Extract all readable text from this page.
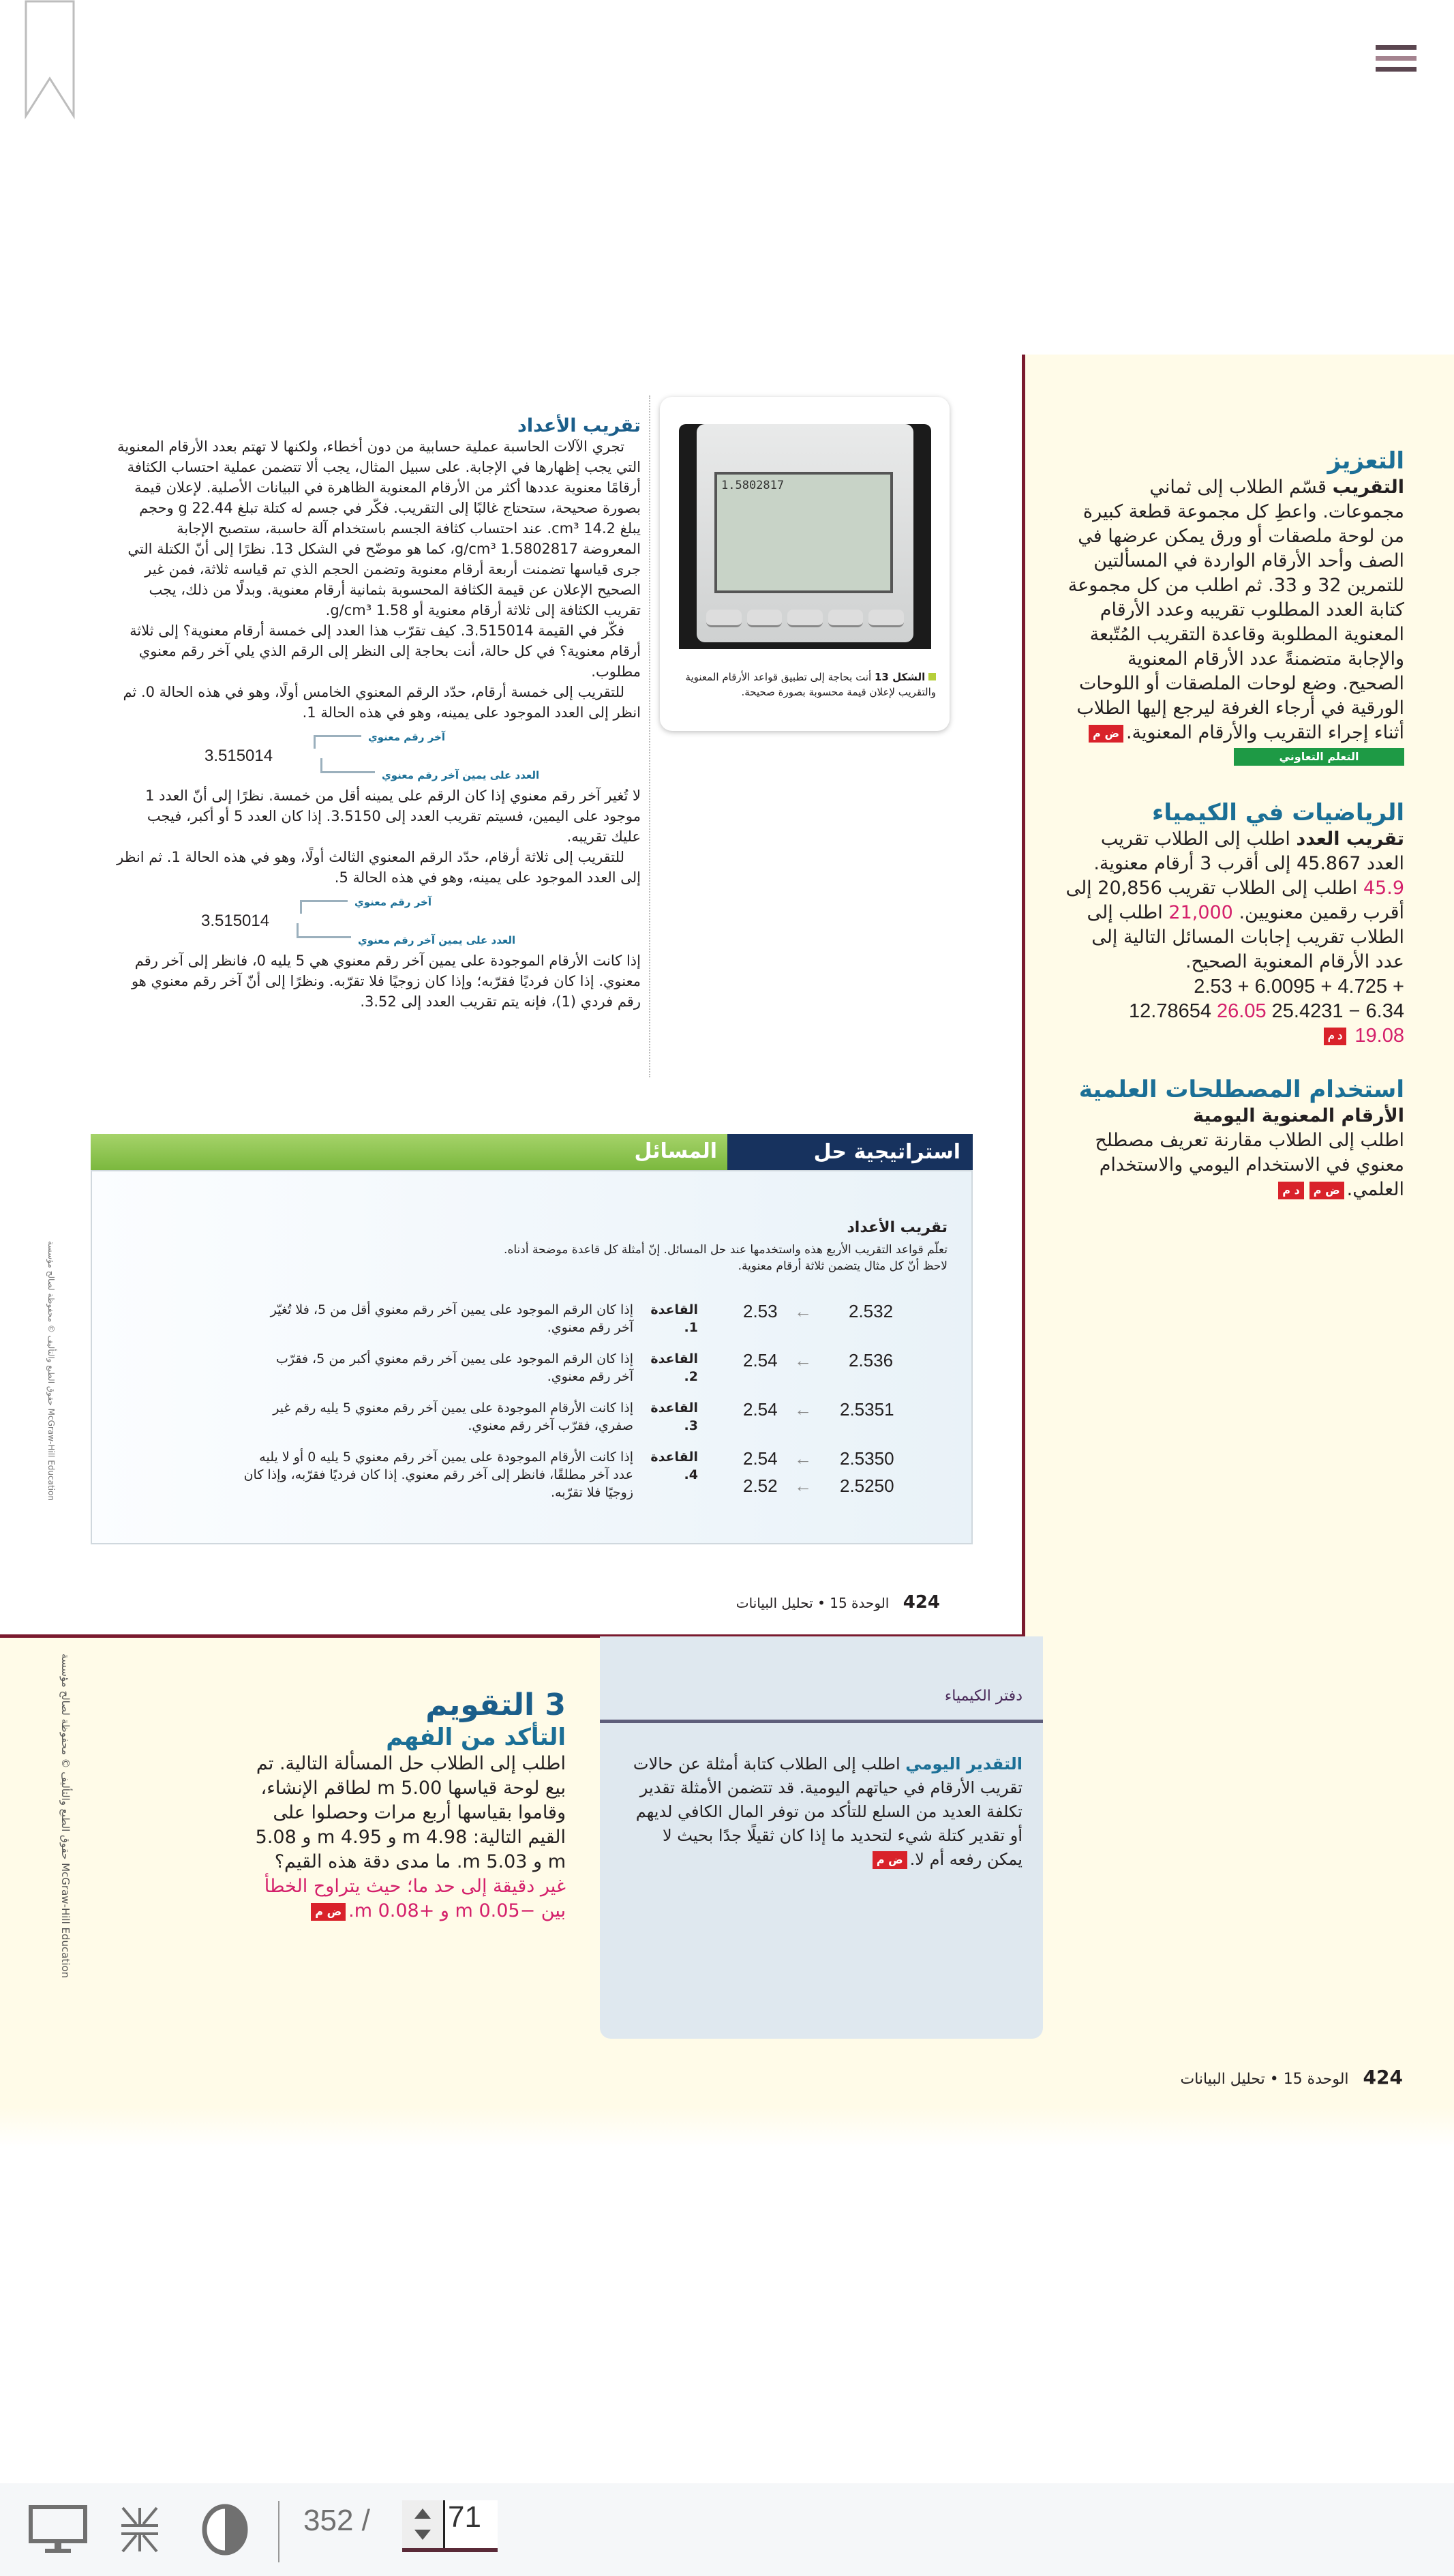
حقوق الطبع والتأليف © محفوظة لصالح مؤسسة McGraw-Hill Education
تقريب الأعداد

تجري الآلات الحاسبة عملية حسابية من دون أخطاء، ولكنها لا تهتم بعدد الأرقام المعنوية التي يجب إظهارها في الإجابة. على سبيل المثال، يجب ألا تتضمن عملية احتساب الكثافة أرقامًا معنوية عددها أكثر من الأرقام المعنوية الظاهرة في البيانات الأصلية. لإعلان قيمة بصورة صحيحة، ستحتاج غالبًا إلى التقريب. فكّر في جسم له كتلة تبلغ 22.44 g وحجم يبلغ 14.2 cm³. عند احتساب كثافة الجسم باستخدام آلة حاسبة، ستصبح الإجابة المعروضة 1.5802817 g/cm³، كما هو موضّح في الشكل 13. نظرًا إلى أنّ الكتلة التي جرى قياسها تضمنت أربعة أرقام معنوية وتضمن الحجم الذي تم قياسه ثلاثة، فمن غير الصحيح الإعلان عن قيمة الكثافة المحسوبة بثمانية أرقام معنوية. وبدلًا من ذلك، يجب تقريب الكثافة إلى ثلاثة أرقام معنوية أو 1.58 g/cm³.

فكّر في القيمة 3.515014. كيف تقرّب هذا العدد إلى خمسة أرقام معنوية؟ إلى ثلاثة أرقام معنوية؟ في كل حالة، أنت بحاجة إلى النظر إلى الرقم الذي يلي آخر رقم معنوي مطلوب.

للتقريب إلى خمسة أرقام، حدّد الرقم المعنوي الخامس أولًا، وهو في هذه الحالة 0. ثم انظر إلى العدد الموجود على يمينه، وهو في هذه الحالة 1.

آخر رقم معنوي
3.515014
العدد على يمين آخر رقم معنوي

لا تُغير آخر رقم معنوي إذا كان الرقم على يمينه أقل من خمسة. نظرًا إلى أنّ العدد 1 موجود على اليمين، فسيتم تقريب العدد إلى 3.5150. إذا كان العدد 5 أو أكبر، فيجب عليك تقريبه.

للتقريب إلى ثلاثة أرقام، حدّد الرقم المعنوي الثالث أولًا، وهو في هذه الحالة 1. ثم انظر إلى العدد الموجود على يمينه، وهو في هذه الحالة 5.

آخر رقم معنوي
3.515014
العدد على يمين آخر رقم معنوي

إذا كانت الأرقام الموجودة على يمين آخر رقم معنوي هي 5 يليه 0، فانظر إلى آخر رقم معنوي. إذا كان فرديًا فقرّبه؛ وإذا كان زوجيًا فلا تقرّبه. ونظرًا إلى أنّ آخر رقم معنوي هو رقم فردي (1)، فإنه يتم تقريب العدد إلى 3.52.

1.5802817
الشكل 13 أنت بحاجة إلى تطبيق قواعد الأرقام المعنوية والتقريب لإعلان قيمة محسوبة بصورة صحيحة.
استراتيجية حل
المسائل
تقريب الأعداد
تعلّم قواعد التقريب الأربع هذه واستخدمها عند حل المسائل. إنّ أمثلة كل قاعدة موضحة أدناه.
لاحظ أنّ كل مثال يتضمن ثلاثة أرقام معنوية.
القاعدة 1.
إذا كان الرقم الموجود على يمين آخر رقم معنوي أقل من 5، فلا تُغيّر آخر رقم معنوي.
2.532
←
2.53
القاعدة 2.
إذا كان الرقم الموجود على يمين آخر رقم معنوي أكبر من 5، فقرّب آخر رقم معنوي.
2.536
←
2.54
القاعدة 3.
إذا كانت الأرقام الموجودة على يمين آخر رقم معنوي 5 يليه رقم غير صفري، فقرّب آخر رقم معنوي.
2.5351
←
2.54
القاعدة 4.
إذا كانت الأرقام الموجودة على يمين آخر رقم معنوي 5 يليه 0 أو لا يليه عدد آخر مطلقًا، فانظر إلى آخر رقم معنوي. إذا كان فرديًا فقرّبه، وإذا كان زوجيًا فلا تقرّبه.
2.5350
←
2.54
2.5250
←
2.52
424 الوحدة 15 • تحليل البيانات
التعزيز

التقريب قسّم الطلاب إلى ثماني مجموعات. واعطِ كل مجموعة قطعة كبيرة من لوحة ملصقات أو ورق يمكن عرضها في الصف وأحد الأرقام الواردة في المسألتين للتمرين 32 و 33. ثم اطلب من كل مجموعة كتابة العدد المطلوب تقريبه وعدد الأرقام المعنوية المطلوبة وقاعدة التقريب المُتّبعة والإجابة متضمنةً عدد الأرقام المعنوية الصحيح. وضع لوحات الملصقات أو اللوحات الورقية في أرجاء الغرفة ليرجع إليها الطلاب أثناء إجراء التقريب والأرقام المعنوية.ض م

التعلم التعاوني
الرياضيات في الكيمياء

تقريب العدد اطلب إلى الطلاب تقريب العدد 45.867 إلى أقرب 3 أرقام معنوية. 45.9 اطلب إلى الطلاب تقريب 20,856 إلى أقرب رقمين معنويين. 21,000 اطلب إلى الطلاب تقريب إجابات المسائل التالية إلى عدد الأرقام المعنوية الصحيح.

2.53 + 6.0095 + 4.725 +
12.78654 26.05 25.4231 − 6.34
د م 19.08

استخدام المصطلحات العلمية

الأرقام المعنوية اليومية
اطلب إلى الطلاب مقارنة تعريف مصطلح معنوي في الاستخدام اليومي والاستخدام العلمي.ض مد م

حقوق الطبع والتأليف © محفوظة لصالح مؤسسة McGraw-Hill Education
3 التقويم
التأكد من الفهم

اطلب إلى الطلاب حل المسألة التالية. تم بيع لوحة قياسها 5.00 m لطاقم الإنشاء، وقاموا بقياسها أربع مرات وحصلوا على القيم التالية: 4.98 m و 4.95 m و 5.08 m و 5.03 m. ما مدى دقة هذه القيم؟ غير دقيقة إلى حد ما؛ حيث يتراوح الخطأ بين −0.05 m و +0.08 m.ض م

دفتر الكيمياء

التقدير اليومي اطلب إلى الطلاب كتابة أمثلة عن حالات تقريب الأرقام في حياتهم اليومية. قد تتضمن الأمثلة تقدير تكلفة العديد من السلع للتأكد من توفر المال الكافي لديهم أو تقدير كتلة شيء لتحديد ما إذا كان ثقيلًا جدًا بحيث لا يمكن رفعه أم لا.ض م

424 الوحدة 15 • تحليل البيانات
352 /	71
